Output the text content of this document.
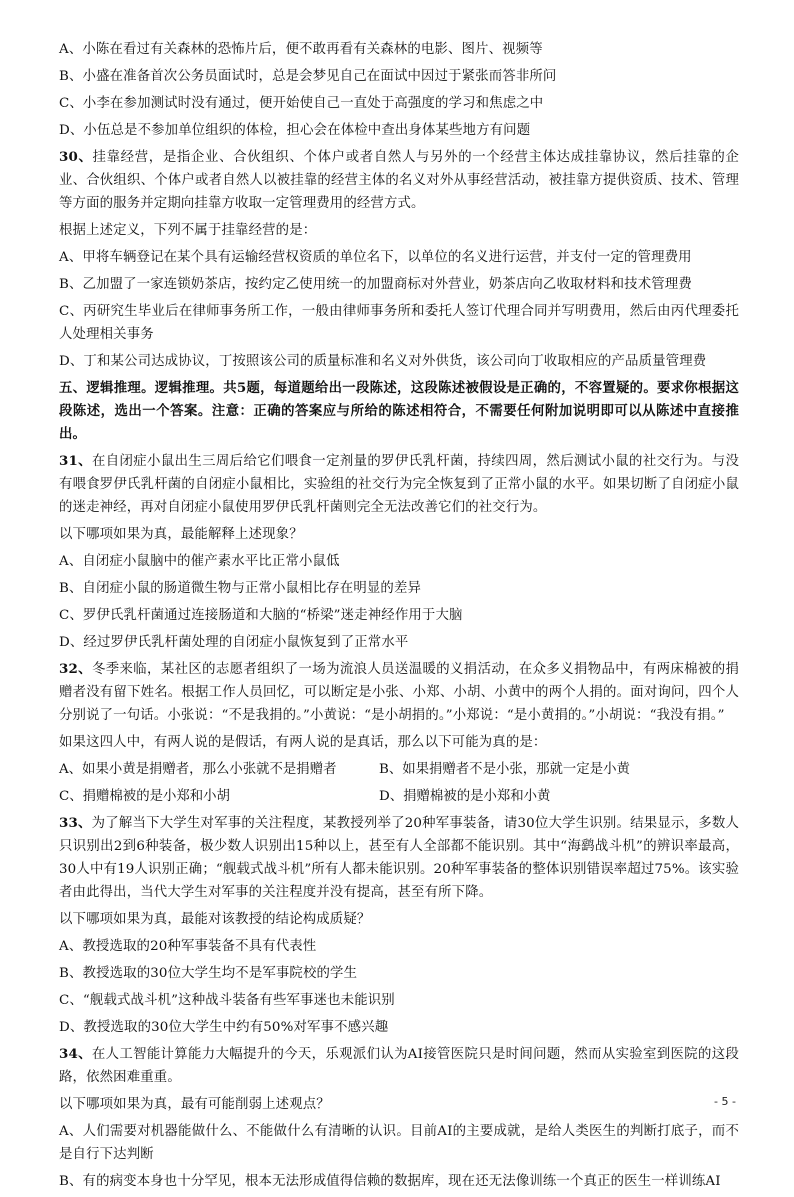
A、小陈在看过有关森林的恐怖片后，便不敢再看有关森林的电影、图片、视频等

B、小盛在准备首次公务员面试时，总是会梦见自己在面试中因过于紧张而答非所问

C、小李在参加测试时没有通过，便开始使自己一直处于高强度的学习和焦虑之中

D、小伍总是不参加单位组织的体检，担心会在体检中查出身体某些地方有问题

30、挂靠经营，是指企业、合伙组织、个体户或者自然人与另外的一个经营主体达成挂靠协议，然后挂靠的企业、合伙组织、个体户或者自然人以被挂靠的经营主体的名义对外从事经营活动，被挂靠方提供资质、技术、管理等方面的服务并定期向挂靠方收取一定管理费用的经营方式。

根据上述定义，下列不属于挂靠经营的是：

A、甲将车辆登记在某个具有运输经营权资质的单位名下，以单位的名义进行运营，并支付一定的管理费用

B、乙加盟了一家连锁奶茶店，按约定乙使用统一的加盟商标对外营业，奶茶店向乙收取材料和技术管理费

C、丙研究生毕业后在律师事务所工作，一般由律师事务所和委托人签订代理合同并写明费用，然后由丙代理委托人处理相关事务

D、丁和某公司达成协议，丁按照该公司的质量标准和名义对外供货，该公司向丁收取相应的产品质量管理费

五、逻辑推理。逻辑推理。共5题，每道题给出一段陈述，这段陈述被假设是正确的，不容置疑的。要求你根据这段陈述，选出一个答案。注意：正确的答案应与所给的陈述相符合，不需要任何附加说明即可以从陈述中直接推出。

31、在自闭症小鼠出生三周后给它们喂食一定剂量的罗伊氏乳杆菌，持续四周，然后测试小鼠的社交行为。与没有喂食罗伊氏乳杆菌的自闭症小鼠相比，实验组的社交行为完全恢复到了正常小鼠的水平。如果切断了自闭症小鼠的迷走神经，再对自闭症小鼠使用罗伊氏乳杆菌则完全无法改善它们的社交行为。

以下哪项如果为真，最能解释上述现象？

A、自闭症小鼠脑中的催产素水平比正常小鼠低

B、自闭症小鼠的肠道微生物与正常小鼠相比存在明显的差异

C、罗伊氏乳杆菌通过连接肠道和大脑的“桥梁”迷走神经作用于大脑

D、经过罗伊氏乳杆菌处理的自闭症小鼠恢复到了正常水平

32、冬季来临，某社区的志愿者组织了一场为流浪人员送温暖的义捐活动，在众多义捐物品中，有两床棉被的捐赠者没有留下姓名。根据工作人员回忆，可以断定是小张、小郑、小胡、小黄中的两个人捐的。面对询问，四个人分别说了一句话。小张说：“不是我捐的。”小黄说：“是小胡捐的。”小郑说：“是小黄捐的。”小胡说：“我没有捐。”

如果这四人中，有两人说的是假话，有两人说的是真话，那么以下可能为真的是：

A、如果小黄是捐赠者，那么小张就不是捐赠者	B、如果捐赠者不是小张，那就一定是小黄
C、捐赠棉被的是小郑和小胡	D、捐赠棉被的是小郑和小黄

33、为了解当下大学生对军事的关注程度，某教授列举了20种军事装备，请30位大学生识别。结果显示，多数人只识别出2到6种装备，极少数人识别出15种以上，甚至有人全部都不能识别。其中“海鹞战斗机”的辨识率最高，30人中有19人识别正确；“舰载式战斗机”所有人都未能识别。20种军事装备的整体识别错误率超过75%。该实验者由此得出，当代大学生对军事的关注程度并没有提高，甚至有所下降。

以下哪项如果为真，最能对该教授的结论构成质疑？

A、教授选取的20种军事装备不具有代表性

B、教授选取的30位大学生均不是军事院校的学生

C、“舰载式战斗机”这种战斗装备有些军事迷也未能识别

D、教授选取的30位大学生中约有50%对军事不感兴趣

34、在人工智能计算能力大幅提升的今天，乐观派们认为AI接管医院只是时间问题，然而从实验室到医院的这段路，依然困难重重。

以下哪项如果为真，最有可能削弱上述观点？

A、人们需要对机器能做什么、不能做什么有清晰的认识。目前AI的主要成就，是给人类医生的判断打底子，而不是自行下达判断

B、有的病变本身也十分罕见，根本无法形成值得信赖的数据库，现在还无法像训练一个真正的医生一样训练AI

- 5 -
